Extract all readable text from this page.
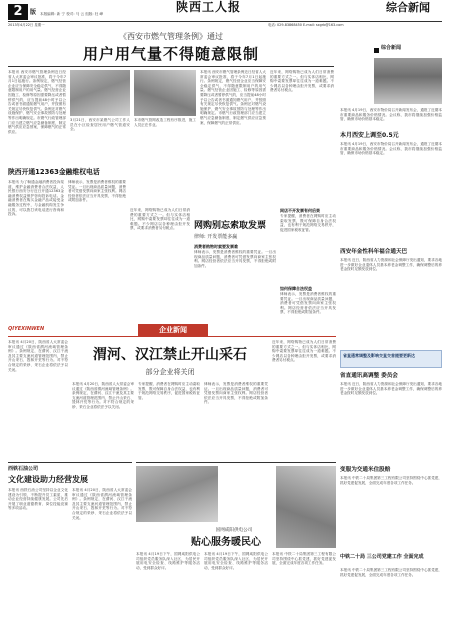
2	版 本版编辑: 新 宁 校对: 马 云 组版: 杜 峰	陕西工人报	综合新闻
2013年4月22日 星期一	电话: 029-83868450 E-mail: sxgrb@163.com
《西安市燃气管理条例》通过
用户用气量不得随意限制
本报讯 西安市燃气管理条例近日经省人大常委会审议批准，将于今年7月1日起施行。条例规定，燃气经营企业应当保障安全稳定供气，不得随意限制用户的用气量。燃气经营企业因施工、检修等原因需要降压或者暂停供气的，应当提前48小时予以公告或者书面通知燃气用户，并按照有关规定尽快恢复供气。条例还对燃气设施保护、燃气安全事故预防与处理等作出明确规定。市燃气行政管理部门应当建立燃气应急储备制度，制定燃气供应应急预案，保障燃气的正常供应。
3月21日，西安市某燃气公司工作人员在小区检查居民用户燃气管道安全。
本市燃气管网改造工程有序推进，施工人员正在作业。
本报讯 西安市燃气管理条例近日经省人大常委会审议批准，将于今年7月1日起施行。条例规定，燃气经营企业应当保障安全稳定供气，不得随意限制用户的用气量。燃气经营企业因施工、检修等原因需要降压或者暂停供气的，应当提前48小时予以公告或者书面通知燃气用户，并按照有关规定尽快恢复供气。条例还对燃气设施保护、燃气安全事故预防与处理等作出明确规定。市燃气行政管理部门应当建立燃气应急储备制度，制定燃气供应应急预案，保障燃气的正常供应。
近年来，网络购物已成为人们日常消费的重要方式之一。但与实体店相比，网购中索要发票却往往成为一道难题。不少网店以各种理由拒开发票，或要求消费者另付税点。
陕西开通12363金融维权电话
本报讯 为了畅通金融消费者投诉渠道，维护金融消费者合法权益，人民银行西安分行近日开通12363金融消费权益保护咨询投诉电话。金融消费者在购买金融产品或接受金融服务过程中，与金融机构发生争议的，可以拨打该电话进行咨询和投诉。
律师表示，发票是消费者维权的重要凭证。一旦出现商品质量问题，消费者可凭借发票向商家主张权利。网店经营者依法应当开具发票，不得拒绝或附加条件。
近年来，网络购物已成为人们日常消费的重要方式之一。但与实体店相比，网购中索要发票却往往成为一道难题。不少网店以各种理由拒开发票，或要求消费者另付税点。	网购别忘索取发票
律师: 开发票能多赢
消费者购物时索要发票难
律师表示，发票是消费者维权的重要凭证。一旦出现商品质量问题，消费者可凭借发票向商家主张权利。网店经营者依法应当开具发票，不得拒绝或附加条件。
网店不开发票有何后果
专家提醒，消费者在网购时应主动索取发票，既可保障自身合法权益，也有利于规范网络交易秩序，促进国家税收征管。
如何保障合法权益
律师表示，发票是消费者维权的重要凭证。一旦出现商品质量问题，消费者可凭借发票向商家主张权利。网店经营者依法应当开具发票，不得拒绝或附加条件。
综合新闻
本报讯 4月19日，西安市物价局召开新闻发布会，通报了近期本市重要商品和服务价格情况。会议称，我市将继续加强价格监管，确保市场价格基本稳定。
本月西安上调至0.5元
本报讯 4月19日，西安市物价局召开新闻发布会，通报了近期本市重要商品和服务价格情况。会议称，我市将继续加强价格监管，确保市场价格基本稳定。
西安年金性科年福合通天巴
本报讯 近日，陕西省人力资源和社会保障厅发出通知，要求各地进一步做好企业退休人员基本养老金调整工作，确保调整后的养老金按时足额发放到位。
省直通常调整及影响交直交首提要更新达
省直通讯高调整 委员会
本报讯 近日，陕西省人力资源和社会保障厅发出通知，要求各地进一步做好企业退休人员基本养老金调整工作，确保调整后的养老金按时足额发放到位。
变服为交通米住股赔
本报讯 中铁二十局集团第三工程有限公司坚持围绕中心抓党建，抓好党建促发展，全面完成年度各项工作任务。
中铁二十局 三公司党建工作 全面完成
本报讯 中铁二十局集团第三工程有限公司坚持围绕中心抓党建，抓好党建促发展，全面完成年度各项工作任务。
QIYEXINWEN	企业新闻
本报讯 4月20日，陕西省人大常委会审议通过《陕西省渭河流域管理条例》。条例规定，在渭河、汉江干流及其主要支流河道管理范围内，禁止开山采石、毁林开荒等行为。对不符合规定的采砂、采石企业将依法予以关闭。
渭河、汉江禁止开山采石
部分企业将关闭
本报讯 4月20日，陕西省人大常委会审议通过《陕西省渭河流域管理条例》。条例规定，在渭河、汉江干流及其主要支流河道管理范围内，禁止开山采石、毁林开荒等行为。对不符合规定的采砂、采石企业将依法予以关闭。
专家提醒，消费者在网购时应主动索取发票，既可保障自身合法权益，也有利于规范网络交易秩序，促进国家税收征管。
律师表示，发票是消费者维权的重要凭证。一旦出现商品质量问题，消费者可凭借发票向商家主张权利。网店经营者依法应当开具发票，不得拒绝或附加条件。
近年来，网络购物已成为人们日常消费的重要方式之一。但与实体店相比，网购中索要发票却往往成为一道难题。不少网店以各种理由拒开发票，或要求消费者另付税点。
西铁石油公司
文化建设助力经营发展
本报讯 西铁石油公司坚持以企业文化建设为引领，不断提升员工素质，推动企业经营持续健康发展。公司先后开展了职业道德教育、岗位技能竞赛等多项活动。
本报讯 4月20日，陕西省人大常委会审议通过《陕西省渭河流域管理条例》。条例规定，在渭河、汉江干流及其主要支流河道管理范围内，禁止开山采石、毁林开荒等行为。对不符合规定的采砂、采石企业将依法予以关闭。
国网咸阳供电公司
贴心服务暖民心
本报讯 4月19日下午，国网咸阳供电公司组织党员服务队深入社区，为居民开展用电安全检查、线路维护等服务活动，受到群众好评。
本报讯 4月19日下午，国网咸阳供电公司组织党员服务队深入社区，为居民开展用电安全检查、线路维护等服务活动，受到群众好评。
本报讯 中铁二十局集团第三工程有限公司坚持围绕中心抓党建，抓好党建促发展，全面完成年度各项工作任务。
